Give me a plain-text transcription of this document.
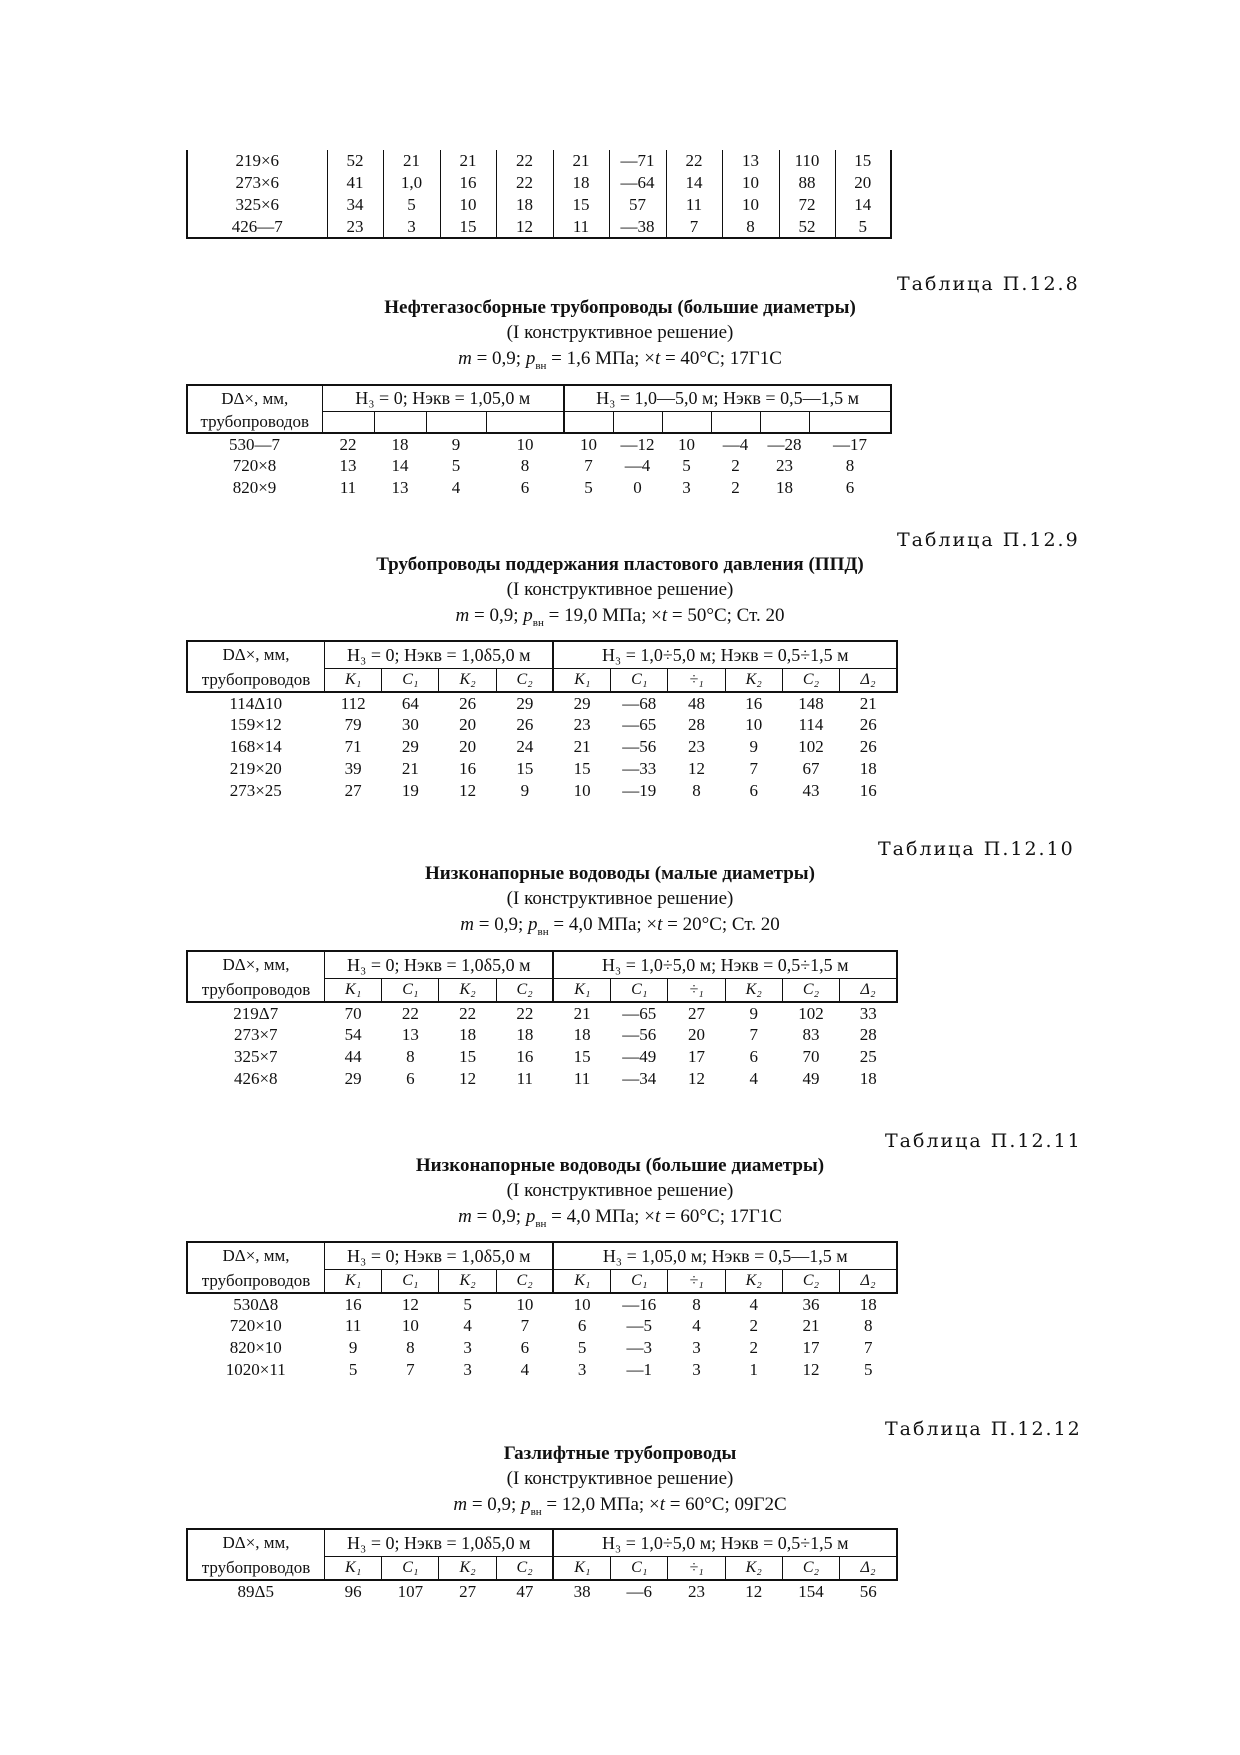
219×6	52	21	21	22	21	—71	22	13	110	15
273×6	41	1,0	16	22	18	—64	14	10	88	20
325×6	34	5	10	18	15	57	11	10	72	14
426—7	23	3	15	12	11	—38	7	8	52	5
Таблица П.12.8
Нефтегазосборные трубопроводы (большие диаметры)
(I конструктивное решение)
m = 0,9; $p_{вн} = 1,6$ МПа; ×t = 40°С; 17Г1С
DΔ×, мм,	H₃ = 0; Hэкв = 1,05,0 м				H₃ = 1,0—5,0 м; Hэкв = 0,5—1,5 м					
трубопроводов										
530—7	22	18	9	10	10	—12	10	—4	—28	—17
720×8	13	14	5	8	7	—4	5	2	23	8
820×9	11	13	4	6	5	0	3	2	18	6
Таблица П.12.9
Трубопроводы поддержания пластового давления (ППД)
(I конструктивное решение)
m = 0,9; $p_{вн} = 19,0$ МПа; ×t = 50°С; Ст. 20
DΔ×, мм,	H₃ = 0; Hэкв = 1,0δ5,0 м				H₃ = 1,0÷5,0 м; Hэкв = 0,5÷1,5 м					
трубопроводов	K₁	C₁	K₂	C₂	K₁	C₁	÷₁	K₂	C₂	Δ₂
114Δ10	112	64	26	29	29	—68	48	16	148	21
159×12	79	30	20	26	23	—65	28	10	114	26
168×14	71	29	20	24	21	—56	23	9	102	26
219×20	39	21	16	15	15	—33	12	7	67	18
273×25	27	19	12	9	10	—19	8	6	43	16
Таблица П.12.10
Низконапорные водоводы (малые диаметры)
(I конструктивное решение)
m = 0,9; $p_{вн} = 4,0$ МПа; ×t = 20°С; Ст. 20
DΔ×, мм,	H₃ = 0; Hэкв = 1,0δ5,0 м				H₃ = 1,0÷5,0 м; Hэкв = 0,5÷1,5 м					
трубопроводов	K₁	C₁	K₂	C₂	K₁	C₁	÷₁	K₂	C₂	Δ₂
219Δ7	70	22	22	22	21	—65	27	9	102	33
273×7	54	13	18	18	18	—56	20	7	83	28
325×7	44	8	15	16	15	—49	17	6	70	25
426×8	29	6	12	11	11	—34	12	4	49	18
Таблица П.12.11
Низконапорные водоводы (большие диаметры)
(I конструктивное решение)
m = 0,9; $p_{вн} = 4,0$ МПа; ×t = 60°С; 17Г1С
DΔ×, мм,	H₃ = 0; Hэкв = 1,0δ5,0 м				H₃ = 1,05,0 м; Hэкв = 0,5—1,5 м					
трубопроводов	K₁	C₁	K₂	C₂	K₁	C₁	÷₁	K₂	C₂	Δ₂
530Δ8	16	12	5	10	10	—16	8	4	36	18
720×10	11	10	4	7	6	—5	4	2	21	8
820×10	9	8	3	6	5	—3	3	2	17	7
1020×11	5	7	3	4	3	—1	3	1	12	5
Таблица П.12.12
Газлифтные трубопроводы
(I конструктивное решение)
m = 0,9; $p_{вн} = 12,0$ МПа; ×t = 60°С; 09Г2С
DΔ×, мм,	H₃ = 0; Hэкв = 1,0δ5,0 м				H₃ = 1,0÷5,0 м; Hэкв = 0,5÷1,5 м					
трубопроводов	K₁	C₁	K₂	C₂	K₁	C₁	÷₁	K₂	C₂	Δ₂
89Δ5	96	107	27	47	38	—6	23	12	154	56
